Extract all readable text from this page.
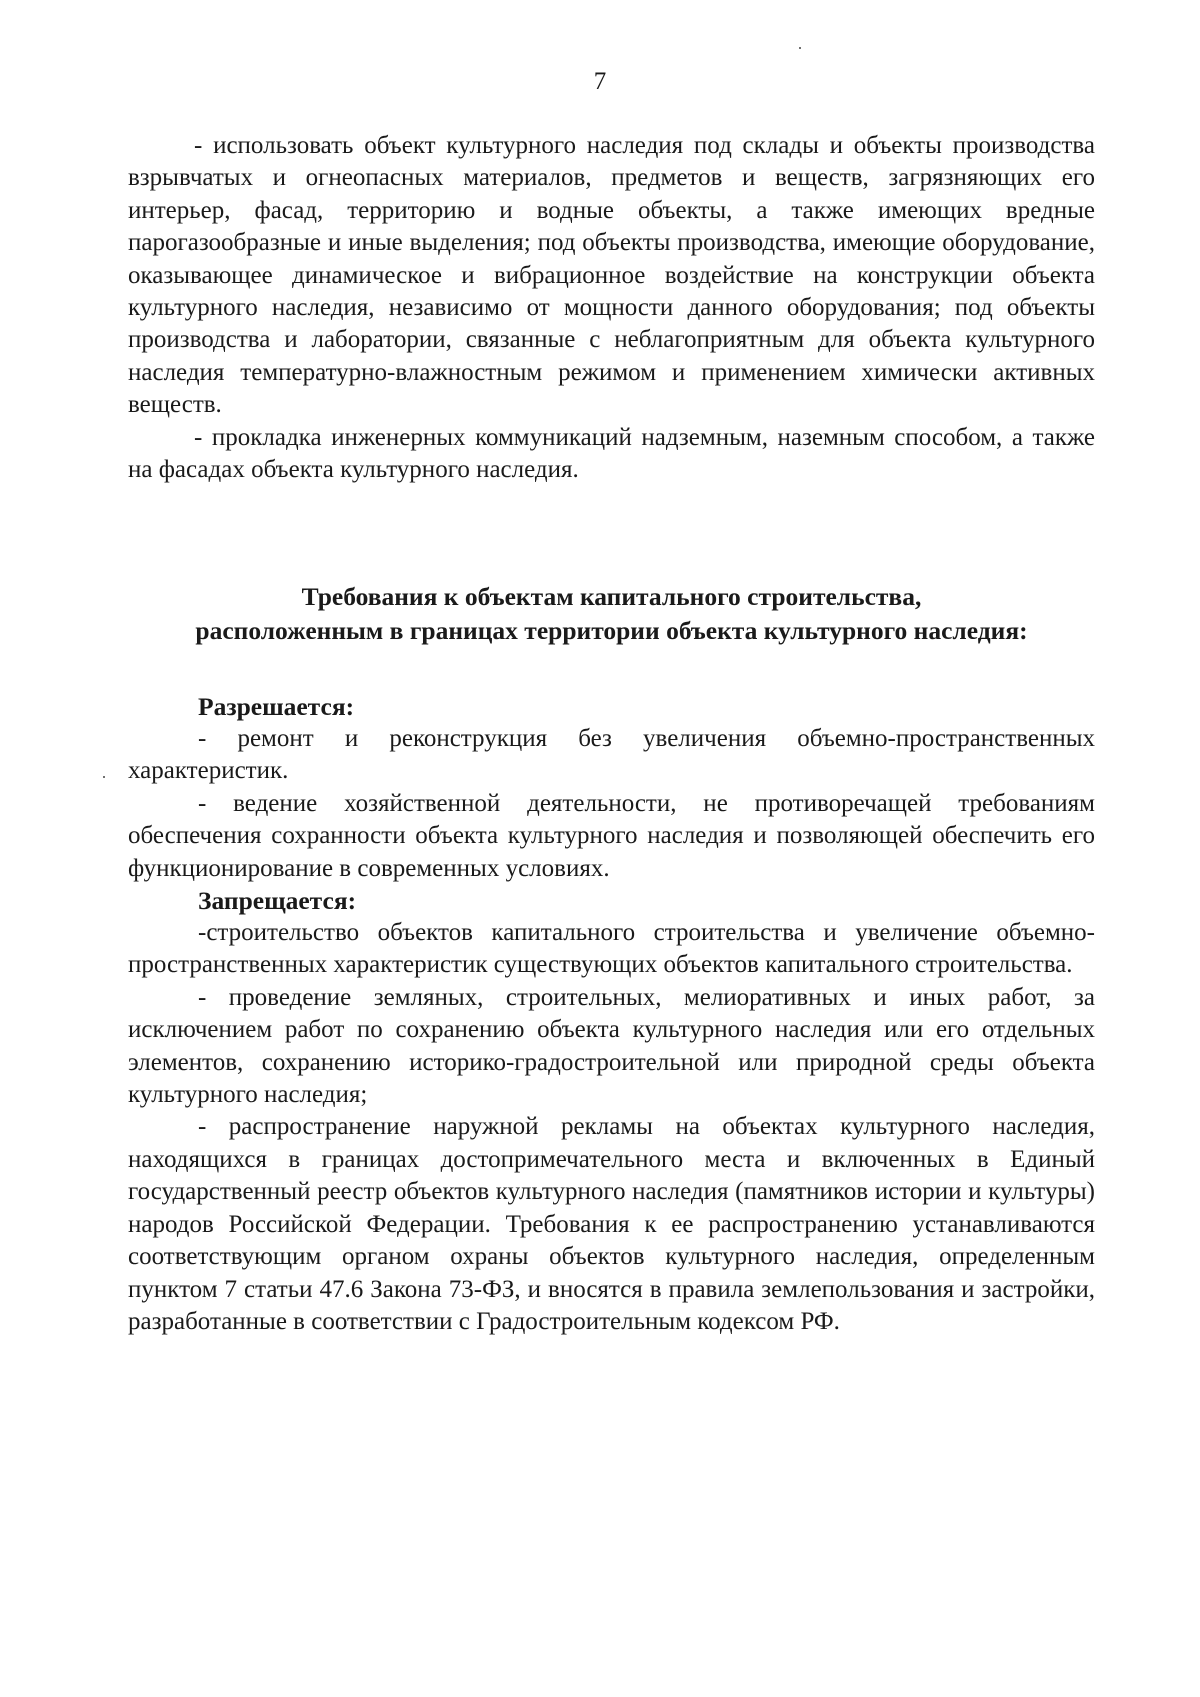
7

- использовать объект культурного наследия под склады и объекты производства взрывчатых и огнеопасных материалов, предметов и веществ, загрязняющих его интерьер, фасад, территорию и водные объекты, а также имеющих вредные парогазообразные и иные выделения; под объекты производства, имеющие оборудование, оказывающее динамическое и вибрационное воздействие на конструкции объекта культурного наследия, независимо от мощности данного оборудования; под объекты производства и лаборатории, связанные с неблагоприятным для объекта культурного наследия температурно-влажностным режимом и применением химически активных веществ.

- прокладка инженерных коммуникаций надземным, наземным способом, а также на фасадах объекта культурного наследия.

Требования к объектам капитального строительства,
расположенным в границах территории объекта культурного наследия:
Разрешается:

- ремонт и реконструкция без увеличения объемно-пространственных характеристик.

- ведение хозяйственной деятельности, не противоречащей требованиям обеспечения сохранности объекта культурного наследия и позволяющей обеспечить его функционирование в современных условиях.

Запрещается:

-строительство объектов капитального строительства и увеличение объемно-пространственных характеристик существующих объектов капитального строительства.

- проведение земляных, строительных, мелиоративных и иных работ, за исключением работ по сохранению объекта культурного наследия или его отдельных элементов, сохранению историко-градостроительной или природной среды объекта культурного наследия;

- распространение наружной рекламы на объектах культурного наследия, находящихся в границах достопримечательного места и включенных в Единый государственный реестр объектов культурного наследия (памятников истории и культуры) народов Российской Федерации. Требования к ее распространению устанавливаются соответствующим органом охраны объектов культурного наследия, определенным пунктом 7 статьи 47.6 Закона 73-ФЗ, и вносятся в правила землепользования и застройки, разработанные в соответствии с Градостроительным кодексом РФ.
